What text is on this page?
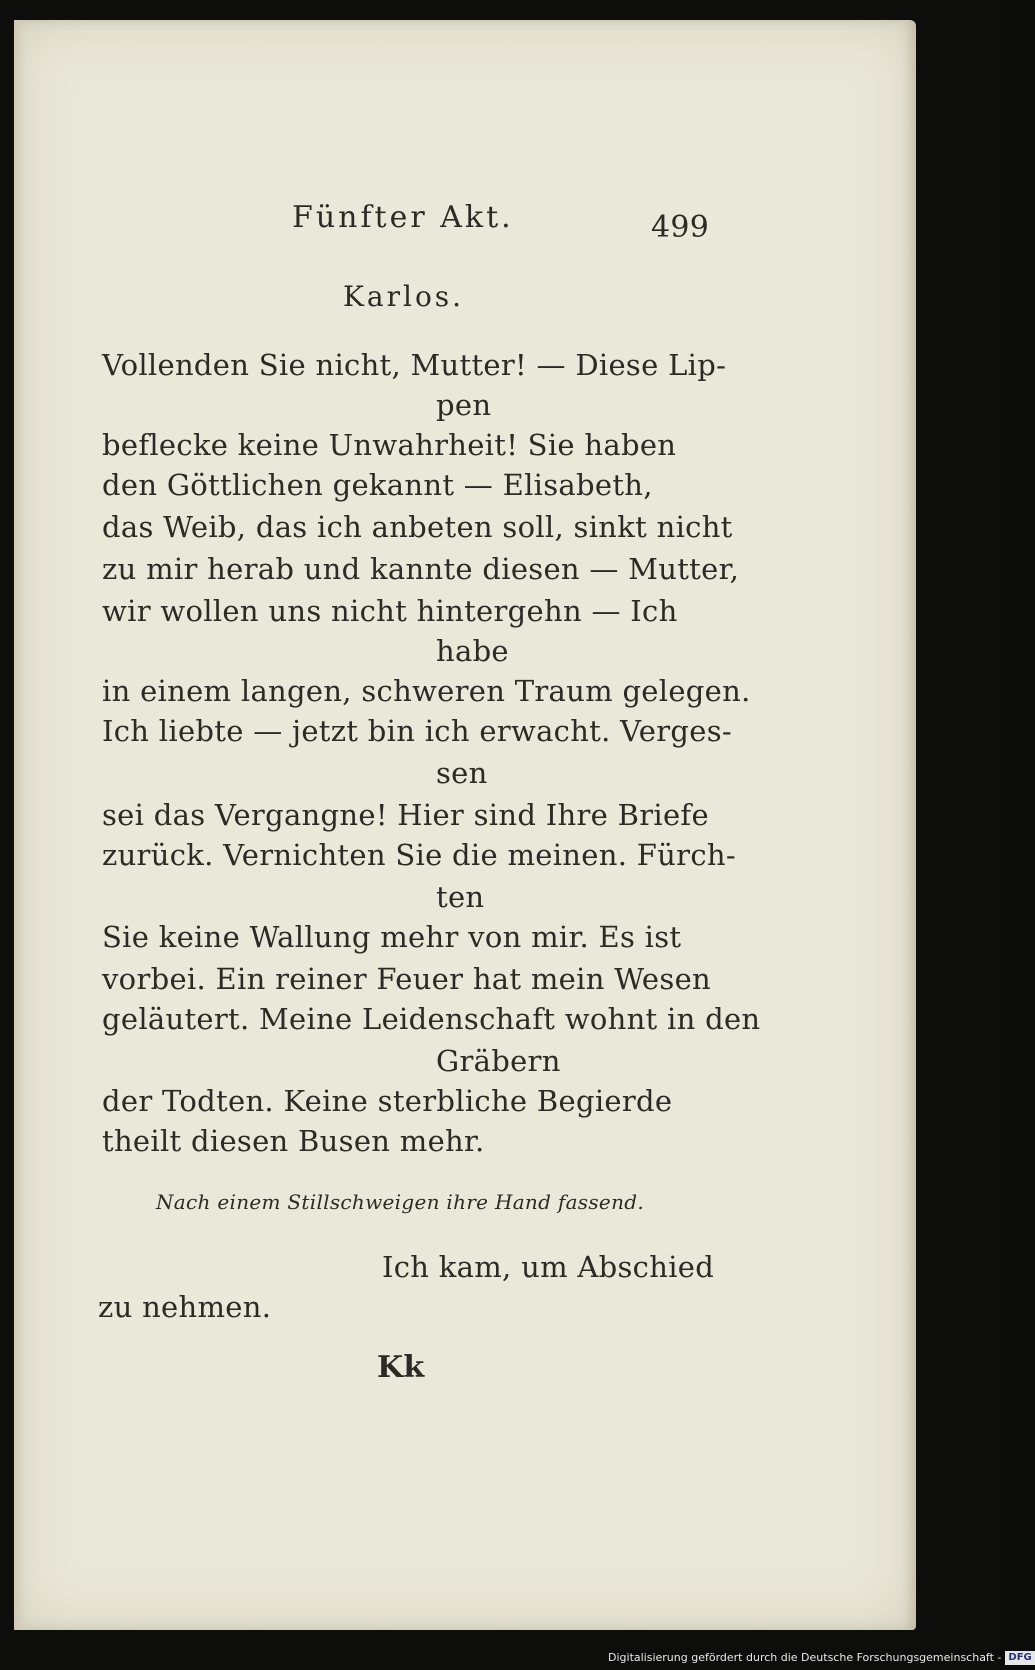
Fünfter Akt.	499
Karlos.
Vollenden Sie nicht, Mutter! — Diese Lip-
pen
beflecke keine Unwahrheit! Sie haben
den Göttlichen gekannt — Elisabeth,
das Weib, das ich anbeten soll, sinkt nicht
zu mir herab und kannte diesen — Mutter,
wir wollen uns nicht hintergehn — Ich
habe
in einem langen, schweren Traum gelegen.
Ich liebte — jetzt bin ich erwacht. Verges-
sen
sei das Vergangne! Hier sind Ihre Briefe
zurück. Vernichten Sie die meinen. Fürch-
ten
Sie keine Wallung mehr von mir. Es ist
vorbei. Ein reiner Feuer hat mein Wesen
geläutert. Meine Leidenschaft wohnt in den
Gräbern
der Todten. Keine sterbliche Begierde
theilt diesen Busen mehr.
Nach einem Stillschweigen ihre Hand fassend.
Ich kam, um Abschied
zu nehmen.
Kk
Digitalisierung gefördert durch die Deutsche Forschungsgemeinschaft - DFG
